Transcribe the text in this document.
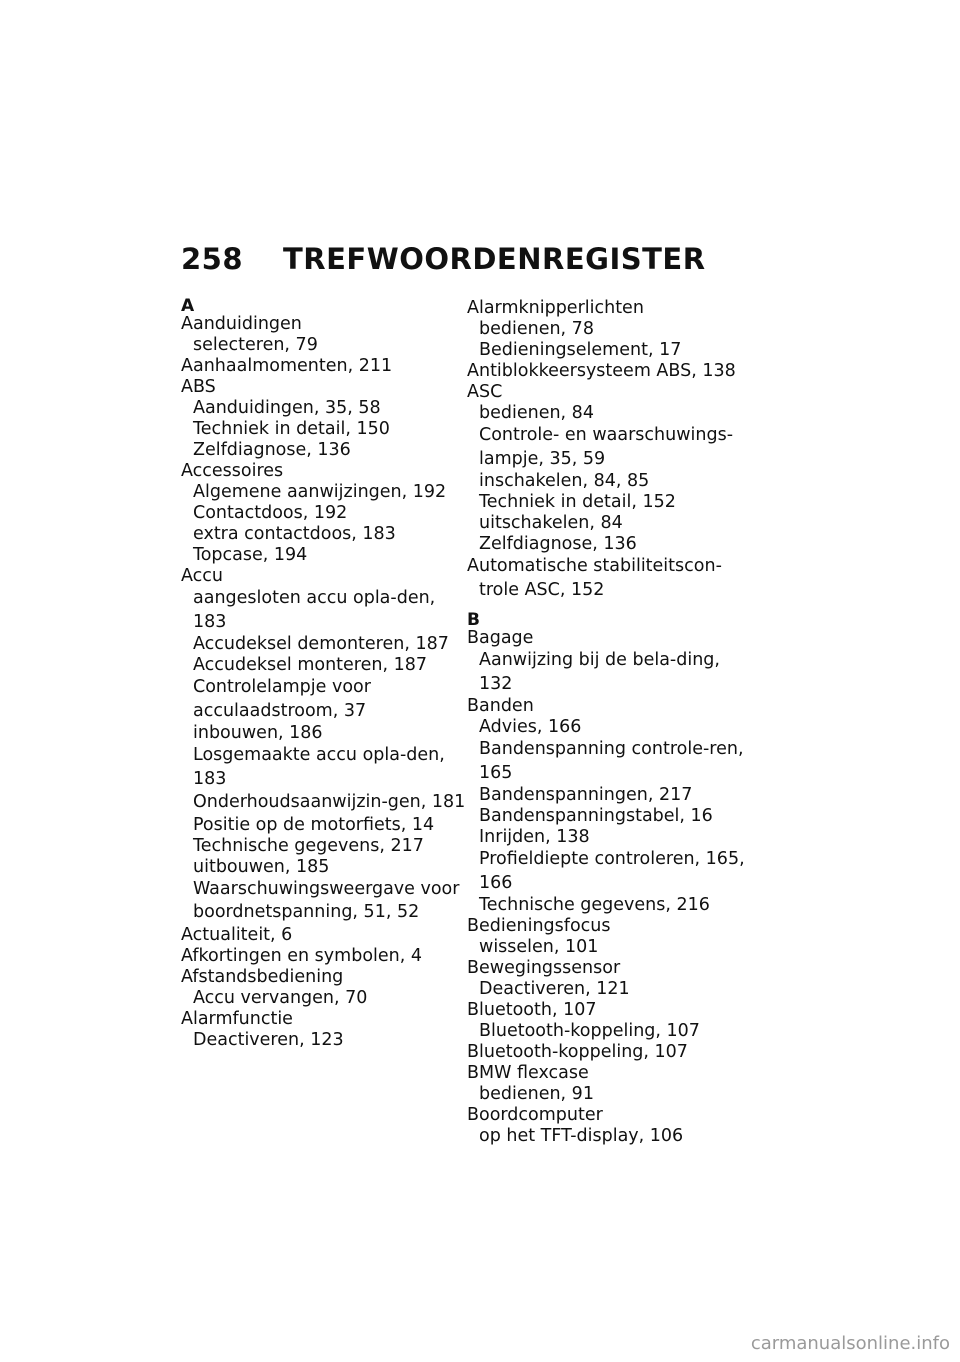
258 TREFWOORDENREGISTER
A
Aanduidingen
selecteren, 79
Aanhaalmomenten, 211
ABS
Aanduidingen, 35, 58
Techniek in detail, 150
Zelfdiagnose, 136
Accessoires
Algemene aanwijzingen, 192
Contactdoos, 192
extra contactdoos, 183
Topcase, 194
Accu
aangesloten accu opla-den, 183
Accudeksel demonteren, 187
Accudeksel monteren, 187
Controlelampje voor acculaadstroom, 37
inbouwen, 186
Losgemaakte accu opla-den, 183
Onderhoudsaanwijzin-gen, 181
Positie op de motorfiets, 14
Technische gegevens, 217
uitbouwen, 185
Waarschuwingsweergave voor boordnetspanning, 51, 52
Actualiteit, 6
Afkortingen en symbolen, 4
Afstandsbediening
Accu vervangen, 70
Alarmfunctie
Deactiveren, 123
Alarmknipperlichten
bedienen, 78
Bedieningselement, 17
Antiblokkeersysteem ABS, 138
ASC
bedienen, 84
Controle- en waarschuwings-lampje, 35, 59
inschakelen, 84, 85
Techniek in detail, 152
uitschakelen, 84
Zelfdiagnose, 136
Automatische stabiliteitscon-trole ASC, 152
B
Bagage
Aanwijzing bij de bela-ding, 132
Banden
Advies, 166
Bandenspanning controle-ren, 165
Bandenspanningen, 217
Bandenspanningstabel, 16
Inrijden, 138
Profieldiepte controleren, 165, 166
Technische gegevens, 216
Bedieningsfocus
wisselen, 101
Bewegingssensor
Deactiveren, 121
Bluetooth, 107
Bluetooth-koppeling, 107
Bluetooth-koppeling, 107
BMW flexcase
bedienen, 91
Boordcomputer
op het TFT-display, 106
carmanualsonline.info
